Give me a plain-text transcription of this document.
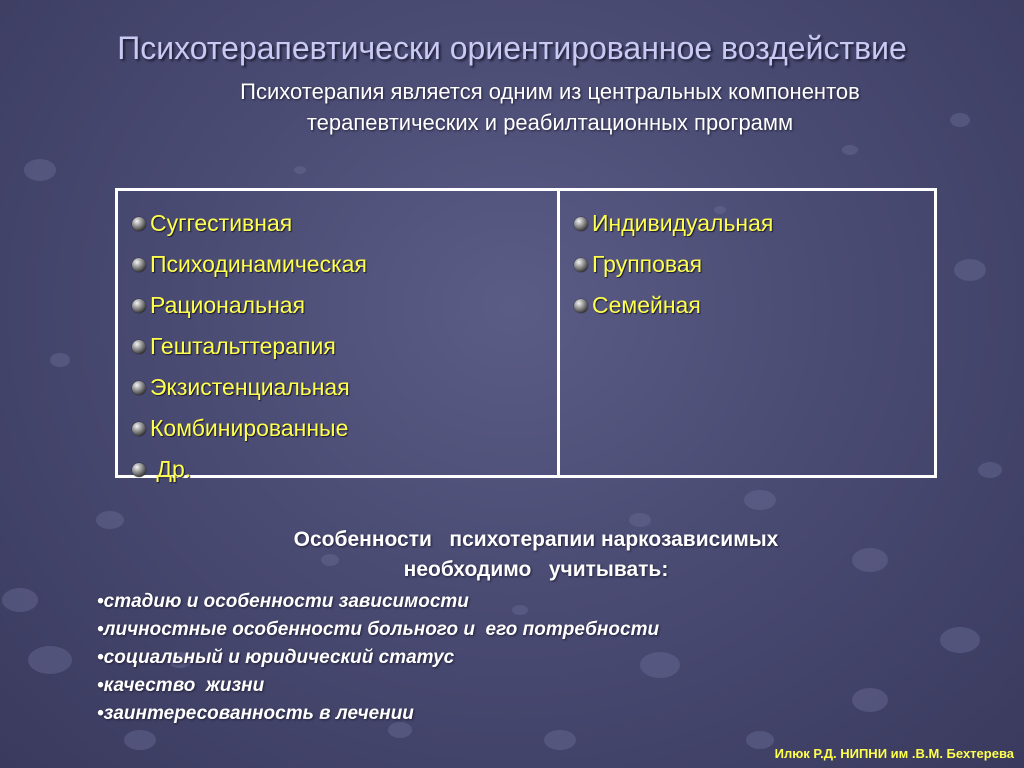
Психотерапевтически ориентированное воздействие
Психотерапия является одним из центральных компонентов
терапевтических и реабилтационных программ
Суггестивная
Психодинамическая
Рациональная
Гештальттерапия
Экзистенциальная
Комбинированные
Др.
Индивидуальная
Групповая
Семейная
Особенности   психотерапии наркозависимых
необходимо   учитывать:
•стадию и особенности зависимости
•личностные особенности больного и  его потребности
•социальный и юридический статус
•качество  жизни
•заинтересованность в лечении
Илюк Р.Д. НИПНИ им .В.М. Бехтерева
